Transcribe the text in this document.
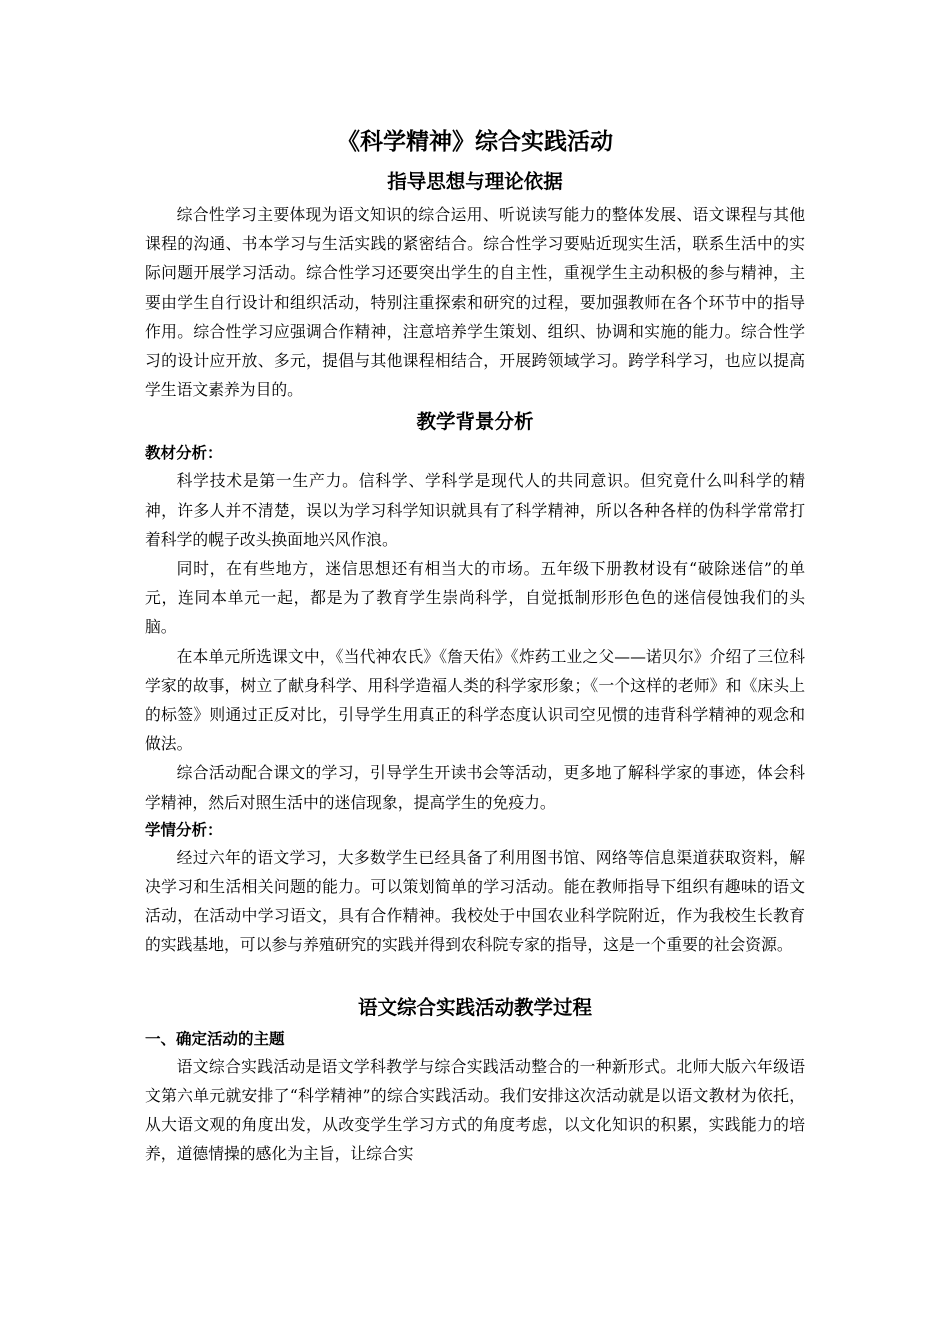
《科学精神》综合实践活动
指导思想与理论依据

综合性学习主要体现为语文知识的综合运用、听说读写能力的整体发展、语文课程与其他课程的沟通、书本学习与生活实践的紧密结合。综合性学习要贴近现实生活，联系生活中的实际问题开展学习活动。综合性学习还要突出学生的自主性，重视学生主动积极的参与精神，主要由学生自行设计和组织活动，特别注重探索和研究的过程，要加强教师在各个环节中的指导作用。综合性学习应强调合作精神，注意培养学生策划、组织、协调和实施的能力。综合性学习的设计应开放、多元，提倡与其他课程相结合，开展跨领域学习。跨学科学习，也应以提高学生语文素养为目的。

教学背景分析
教材分析：

科学技术是第一生产力。信科学、学科学是现代人的共同意识。但究竟什么叫科学的精神，许多人并不清楚，误以为学习科学知识就具有了科学精神，所以各种各样的伪科学常常打着科学的幌子改头换面地兴风作浪。

同时，在有些地方，迷信思想还有相当大的市场。五年级下册教材设有“破除迷信”的单元，连同本单元一起，都是为了教育学生崇尚科学，自觉抵制形形色色的迷信侵蚀我们的头脑。

在本单元所选课文中，《当代神农氏》《詹天佑》《炸药工业之父——诺贝尔》介绍了三位科学家的故事，树立了献身科学、用科学造福人类的科学家形象；《一个这样的老师》和《床头上的标签》则通过正反对比，引导学生用真正的科学态度认识司空见惯的违背科学精神的观念和做法。

综合活动配合课文的学习，引导学生开读书会等活动，更多地了解科学家的事迹，体会科学精神，然后对照生活中的迷信现象，提高学生的免疫力。

学情分析：

经过六年的语文学习，大多数学生已经具备了利用图书馆、网络等信息渠道获取资料，解决学习和生活相关问题的能力。可以策划简单的学习活动。能在教师指导下组织有趣味的语文活动，在活动中学习语文，具有合作精神。我校处于中国农业科学院附近，作为我校生长教育的实践基地，可以参与养殖研究的实践并得到农科院专家的指导，这是一个重要的社会资源。

语文综合实践活动教学过程
一、确定活动的主题

语文综合实践活动是语文学科教学与综合实践活动整合的一种新形式。北师大版六年级语文第六单元就安排了“科学精神”的综合实践活动。我们安排这次活动就是以语文教材为依托，从大语文观的角度出发，从改变学生学习方式的角度考虑，以文化知识的积累，实践能力的培养，道德情操的感化为主旨，让综合实
